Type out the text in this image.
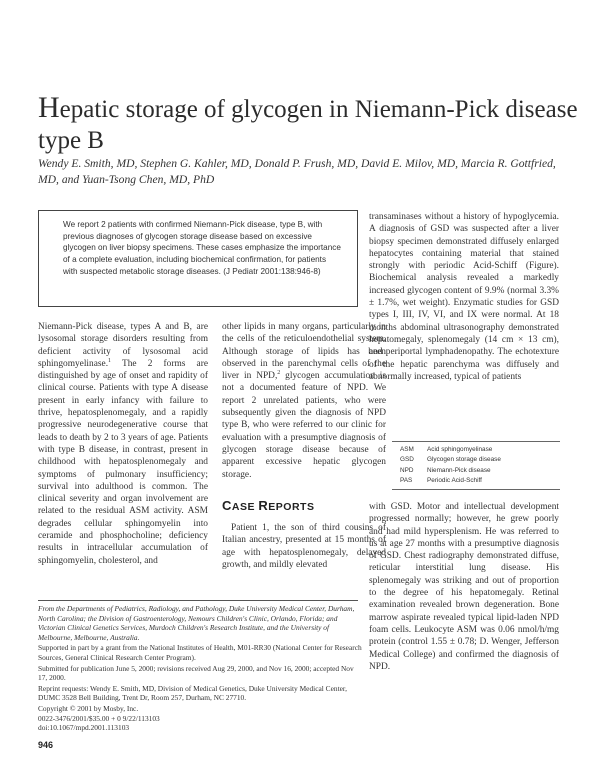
Hepatic storage of glycogen in Niemann-Pick disease type B

Wendy E. Smith, MD, Stephen G. Kahler, MD, Donald P. Frush, MD, David E. Milov, MD, Marcia R. Gottfried, MD, and Yuan-Tsong Chen, MD, PhD

We report 2 patients with confirmed Niemann-Pick disease, type B, with previous diagnoses of glycogen storage disease based on excessive glycogen on liver biopsy specimens. These cases emphasize the importance of a complete evaluation, including biochemical confirmation, for patients with suspected metabolic storage diseases. (J Pediatr 2001:138:946-8)

Niemann-Pick disease, types A and B, are lysosomal storage disorders resulting from deficient activity of lysosomal acid sphingomyelinase.$^1$ The 2 forms are distinguished by age of onset and rapidity of clinical course. Patients with type A disease present in early infancy with failure to thrive, hepatosplenomegaly, and a rapidly progressive neurodegenerative course that leads to death by 2 to 3 years of age. Patients with type B disease, in contrast, present in childhood with hepatosplenomegaly and symptoms of pulmonary insufficiency; survival into adulthood is common. The clinical severity and organ involvement are related to the residual ASM activity. ASM degrades cellular sphingomyelin into ceramide and phosphocholine; deficiency results in intracellular accumulation of sphingomyelin, cholesterol, and

other lipids in many organs, particularly in the cells of the reticuloendothelial system. Although storage of lipids has been observed in the parenchymal cells of the liver in NPD,$^2$ glycogen accumulation is not a documented feature of NPD. We report 2 unrelated patients, who were subsequently given the diagnosis of NPD type B, who were referred to our clinic for evaluation with a presumptive diagnosis of glycogen storage disease because of apparent excessive hepatic glycogen storage.

CASE REPORTS

Patient 1, the son of third cousins of Italian ancestry, presented at 15 months of age with hepatosplenomegaly, delayed growth, and mildly elevated

transaminases without a history of hypoglycemia. A diagnosis of GSD was suspected after a liver biopsy specimen demonstrated diffusely enlarged hepatocytes containing material that stained strongly with periodic Acid-Schiff (Figure). Biochemical analysis revealed a markedly increased glycogen content of 9.9% (normal 3.3% ± 1.7%, wet weight). Enzymatic studies for GSD types I, III, IV, VI, and IX were normal. At 18 months abdominal ultrasonography demonstrated hepatomegaly, splenomegaly (14 cm × 13 cm), and periportal lymphadenopathy. The echotexture of the hepatic parenchyma was diffusely and abnormally increased, typical of patients

ASM	Acid sphingomyelinase
GSD	Glycogen storage disease
NPD	Niemann-Pick disease
PAS	Periodic Acid-Schiff

with GSD. Motor and intellectual development progressed normally; however, he grew poorly and had mild hypersplenism. He was referred to us at age 27 months with a presumptive diagnosis of GSD. Chest radiography demonstrated diffuse, reticular interstitial lung disease. His splenomegaly was striking and out of proportion to the degree of his hepatomegaly. Retinal examination revealed brown degeneration. Bone marrow aspirate revealed typical lipid-laden NPD foam cells. Leukocyte ASM was 0.06 nmol/h/mg protein (control 1.55 ± 0.78; D. Wenger, Jefferson Medical College) and confirmed the diagnosis of NPD.

From the Departments of Pediatrics, Radiology, and Pathology, Duke University Medical Center, Durham, North Carolina; the Division of Gastroenterology, Nemours Children's Clinic, Orlando, Florida; and Victorian Clinical Genetics Services, Murdoch Children's Research Institute, and the University of Melbourne, Melbourne, Australia.

Supported in part by a grant from the National Institutes of Health, M01-RR30 (National Center for Research Sources, General Clinical Research Center Program).

Submitted for publication June 5, 2000; revisions received Aug 29, 2000, and Nov 16, 2000; accepted Nov 17, 2000.

Reprint requests: Wendy E. Smith, MD, Division of Medical Genetics, Duke University Medical Center, DUMC 3528 Bell Building, Trent Dr, Room 257, Durham, NC 27710.

Copyright © 2001 by Mosby, Inc.

0022-3476/2001/$35.00 + 0 9/22/113103

doi:10.1067/mpd.2001.113103

946
